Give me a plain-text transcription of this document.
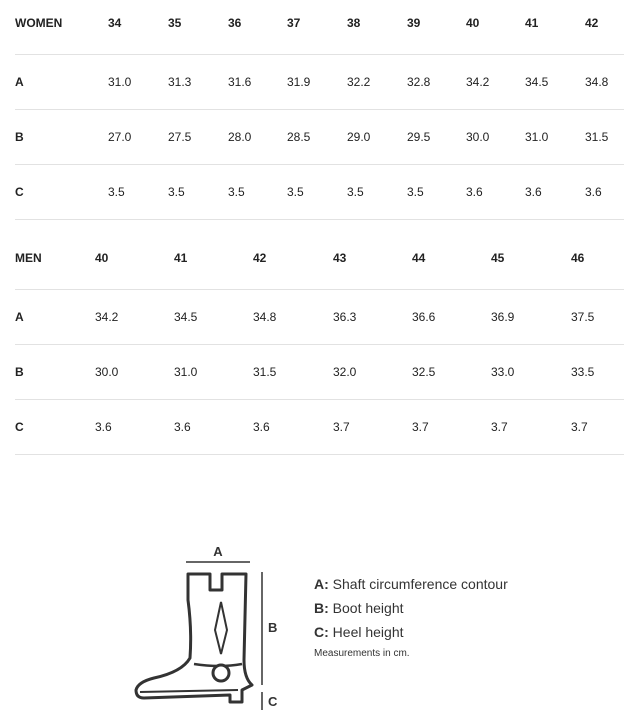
WOMEN	34	35	36	37	38	39	40	41	42
A	31.0	31.3	31.6	31.9	32.2	32.8	34.2	34.5	34.8
B	27.0	27.5	28.0	28.5	29.0	29.5	30.0	31.0	31.5
C	3.5	3.5	3.5	3.5	3.5	3.5	3.6	3.6	3.6
MEN	40	41	42	43	44	45	46
A	34.2	34.5	34.8	36.3	36.6	36.9	37.5
B	30.0	31.0	31.5	32.0	32.5	33.0	33.5
C	3.6	3.6	3.6	3.7	3.7	3.7	3.7
A
B
C
A: Shaft circumference contour
B: Boot height
C: Heel height
Measurements in cm.
